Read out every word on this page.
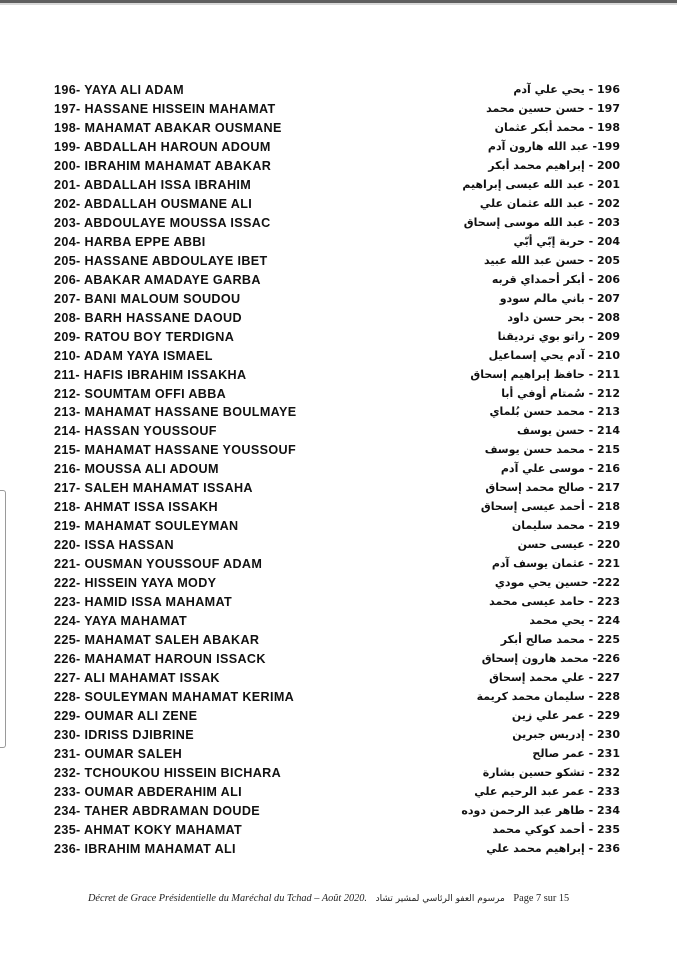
196- YAYA ALI ADAM	196 - يحي علي آدم
197- HASSANE HISSEIN MAHAMAT	197 - حسن حسين محمد
198- MAHAMAT ABAKAR OUSMANE	198 - محمد أبكر عثمان
199- ABDALLAH HAROUN ADOUM	199- عبد الله هارون آدم
200- IBRAHIM MAHAMAT ABAKAR	200 - إبراهيم محمد أبكر
201- ABDALLAH ISSA IBRAHIM	201 - عبد الله عيسى إبراهيم
202- ABDALLAH OUSMANE ALI	202 - عبد الله عثمان علي
203- ABDOULAYE MOUSSA ISSAC	203 - عبد الله موسى إسحاق
204- HARBA EPPE ABBI	204 - حربة إبّي أبّي
205- HASSANE ABDOULAYE IBET	205 - حسن عبد الله عبيد
206- ABAKAR AMADAYE GARBA	206 - أبكر أحمداي قربه
207- BANI MALOUM SOUDOU	207 - باني مالم سودو
208- BARH HASSANE DAOUD	208 - بحر حسن داود
209- RATOU BOY TERDIGNA	209 - راتو بوي ترديقنا
210- ADAM YAYA ISMAEL	210 - آدم يحي إسماعيل
211- HAFIS IBRAHIM ISSAKHA	211 - حافظ إبراهيم إسحاق
212- SOUMTAM OFFI ABBA	212 - سُمتام أوفي أبا
213- MAHAMAT HASSANE BOULMAYE	213 - محمد حسن بُلماي
214- HASSAN YOUSSOUF	214 - حسن يوسف
215- MAHAMAT HASSANE YOUSSOUF	215 - محمد حسن يوسف
216- MOUSSA ALI ADOUM	216 - موسى علي آدم
217- SALEH MAHAMAT ISSAHA	217 - صالح محمد إسحاق
218- AHMAT ISSA ISSAKH	218 - أحمد عيسى إسحاق
219- MAHAMAT SOULEYMAN	219 - محمد سليمان
220- ISSA HASSAN	220 - عيسى حسن
221- OUSMAN YOUSSOUF ADAM	221 - عثمان يوسف آدم
222- HISSEIN YAYA MODY	222- حسين يحي مودي
223- HAMID ISSA MAHAMAT	223 - حامد عيسى محمد
224- YAYA MAHAMAT	224 - يحي محمد
225- MAHAMAT SALEH ABAKAR	225 - محمد صالح أبكر
226- MAHAMAT HAROUN ISSACK	226- محمد هارون إسحاق
227- ALI MAHAMAT ISSAK	227 - علي محمد إسحاق
228- SOULEYMAN MAHAMAT KERIMA	228 - سليمان محمد كريمة
229- OUMAR ALI ZENE	229 - عمر علي زين
230- IDRISS DJIBRINE	230 - إدريس جبرين
231- OUMAR SALEH	231 - عمر صالح
232- TCHOUKOU HISSEIN BICHARA	232 - تشكو حسين بشارة
233- OUMAR ABDERAHIM ALI	233 - عمر عبد الرحيم علي
234- TAHER ABDRAMAN DOUDE	234 - طاهر عبد الرحمن دوده
235- AHMAT KOKY MAHAMAT	235 - أحمد كوكي محمد
236- IBRAHIM MAHAMAT ALI	236 - إبراهيم محمد علي
Décret de Grace Présidentielle du Maréchal du Tchad – Août 2020. مرسوم العفو الرئاسي لمشير تشاد Page 7 sur 15
